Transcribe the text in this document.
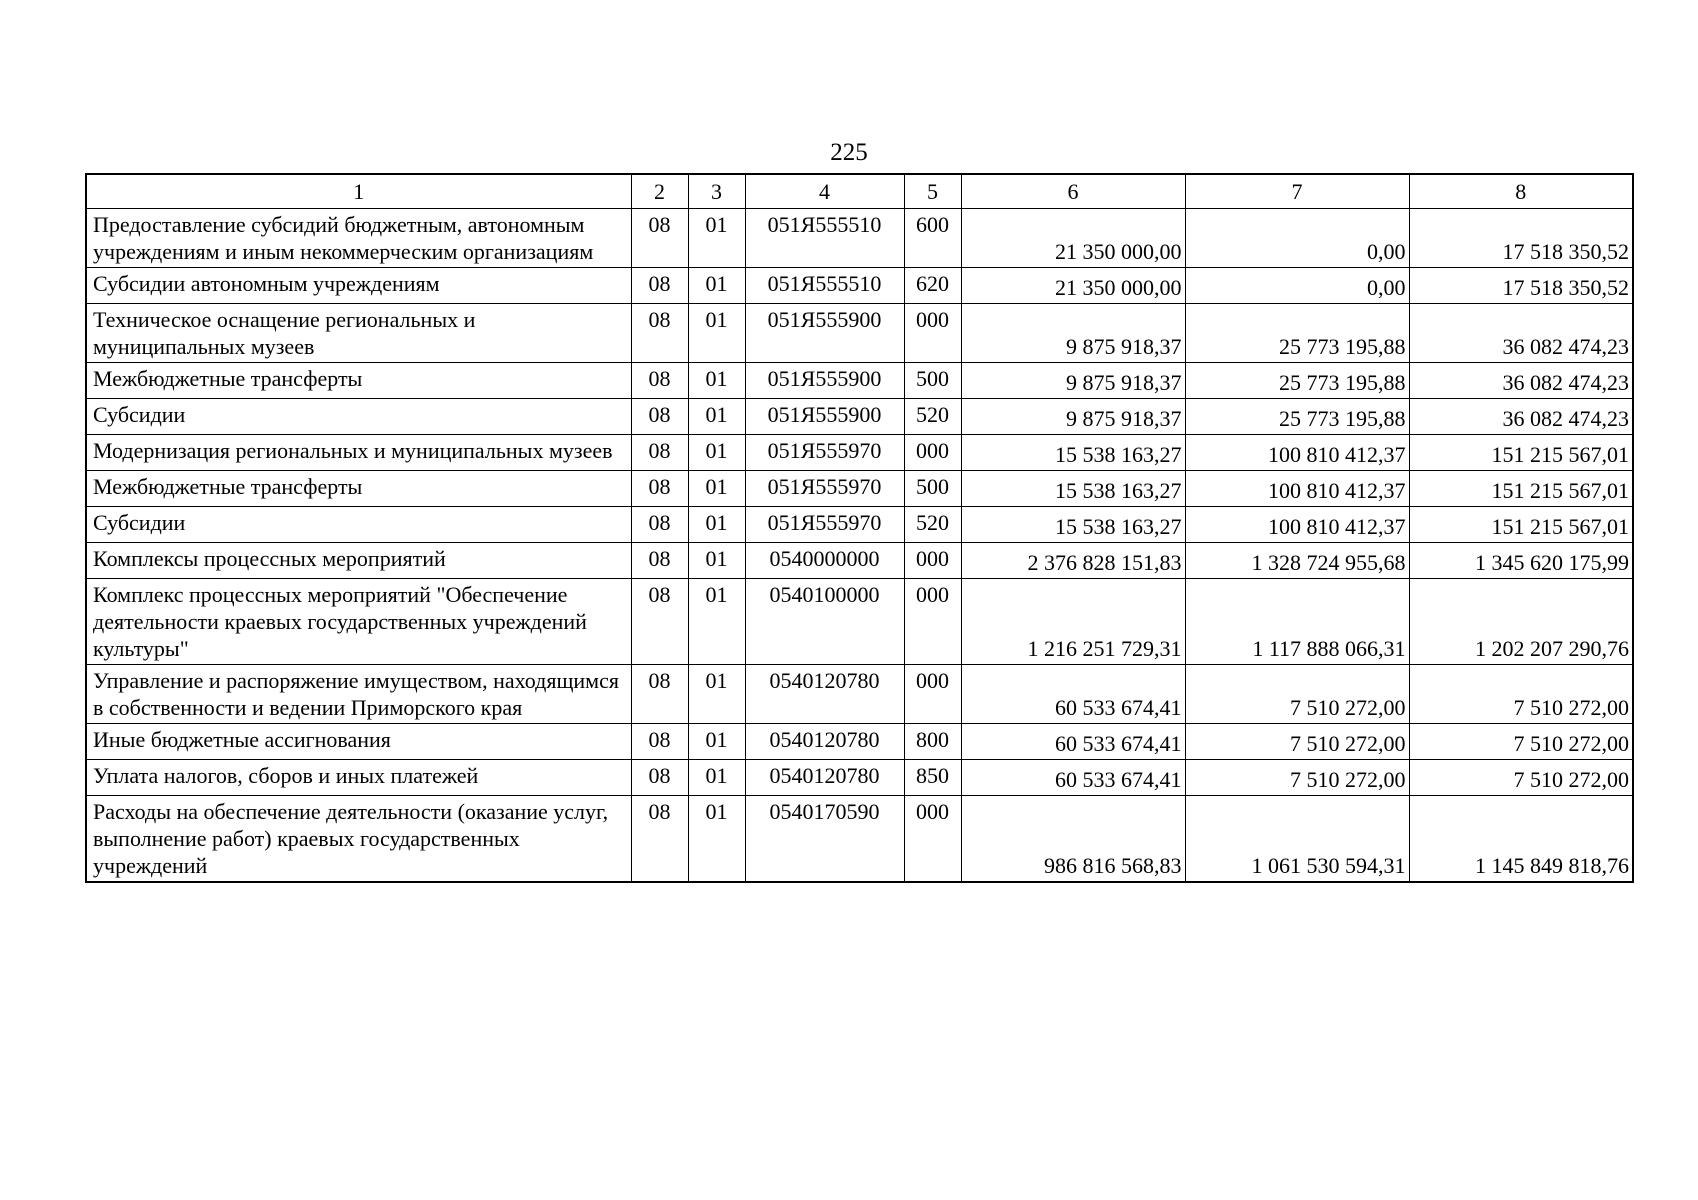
225
1	2	3	4	5	6	7	8
Предоставление субсидий бюджетным, автономным учреждениям и иным некоммерческим организациям	08	01	051Я555510	600	21 350 000,00	0,00	17 518 350,52
Субсидии автономным учреждениям	08	01	051Я555510	620	21 350 000,00	0,00	17 518 350,52
Техническое оснащение региональных и муниципальных музеев	08	01	051Я555900	000	9 875 918,37	25 773 195,88	36 082 474,23
Межбюджетные трансферты	08	01	051Я555900	500	9 875 918,37	25 773 195,88	36 082 474,23
Субсидии	08	01	051Я555900	520	9 875 918,37	25 773 195,88	36 082 474,23
Модернизация региональных и муниципальных музеев	08	01	051Я555970	000	15 538 163,27	100 810 412,37	151 215 567,01
Межбюджетные трансферты	08	01	051Я555970	500	15 538 163,27	100 810 412,37	151 215 567,01
Субсидии	08	01	051Я555970	520	15 538 163,27	100 810 412,37	151 215 567,01
Комплексы процессных мероприятий	08	01	0540000000	000	2 376 828 151,83	1 328 724 955,68	1 345 620 175,99
Комплекс процессных мероприятий "Обеспечение деятельности краевых государственных учреждений культуры"	08	01	0540100000	000	1 216 251 729,31	1 117 888 066,31	1 202 207 290,76
Управление и распоряжение имуществом, находящимся в собственности и ведении Приморского края	08	01	0540120780	000	60 533 674,41	7 510 272,00	7 510 272,00
Иные бюджетные ассигнования	08	01	0540120780	800	60 533 674,41	7 510 272,00	7 510 272,00
Уплата налогов, сборов и иных платежей	08	01	0540120780	850	60 533 674,41	7 510 272,00	7 510 272,00
Расходы на обеспечение деятельности (оказание услуг, выполнение работ) краевых государственных учреждений	08	01	0540170590	000	986 816 568,83	1 061 530 594,31	1 145 849 818,76
